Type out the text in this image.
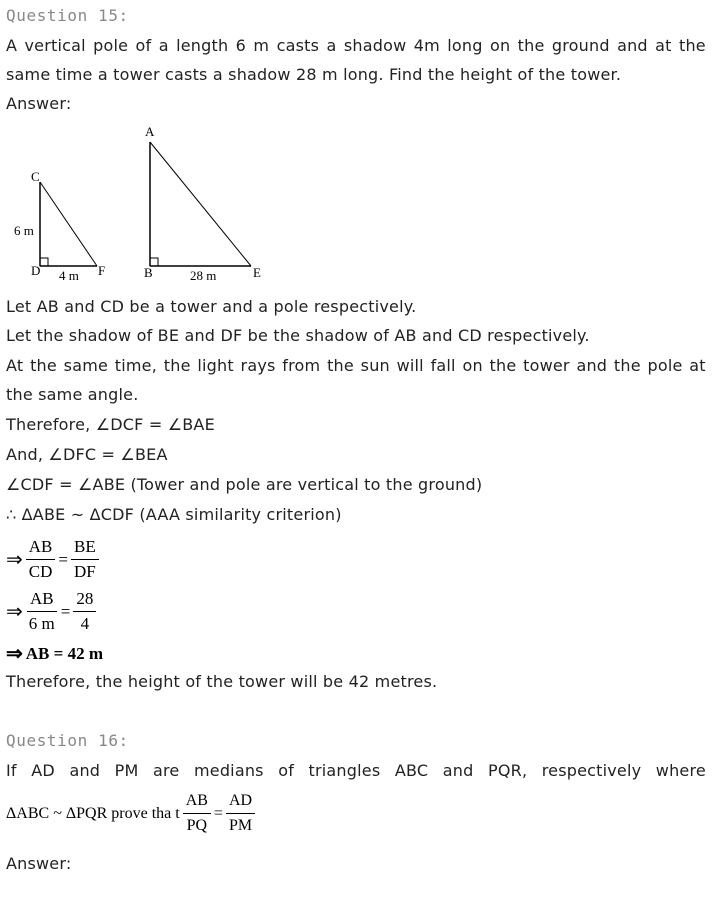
Question 15:
A vertical pole of a length 6 m casts a shadow 4m long on the ground and at the
same time a tower casts a shadow 28 m long. Find the height of the tower.
Answer:
C
6 m
D 4 m F
A
B	28 m	E
Let AB and CD be a tower and a pole respectively.
Let the shadow of BE and DF be the shadow of AB and CD respectively.
At the same time, the light rays from the sun will fall on the tower and the pole at
the same angle.
Therefore, ∠DCF = ∠BAE
And, ∠DFC = ∠BEA
∠CDF = ∠ABE (Tower and pole are vertical to the ground)
∴ ΔABE ~ ΔCDF (AAA similarity criterion)
⇒ $\frac{AB}{CD} = \frac{BE}{DF}$
⇒ $\frac{AB}{6 m} = \frac{28}{4}$
⇒ AB = 42 m
Therefore, the height of the tower will be 42 metres.
Question 16:
If AD and PM are medians of triangles ABC and PQR, respectively where
ΔABC ~ ΔPQR prove tha t $\frac{AB}{PQ} = \frac{AD}{PM}$
Answer:
